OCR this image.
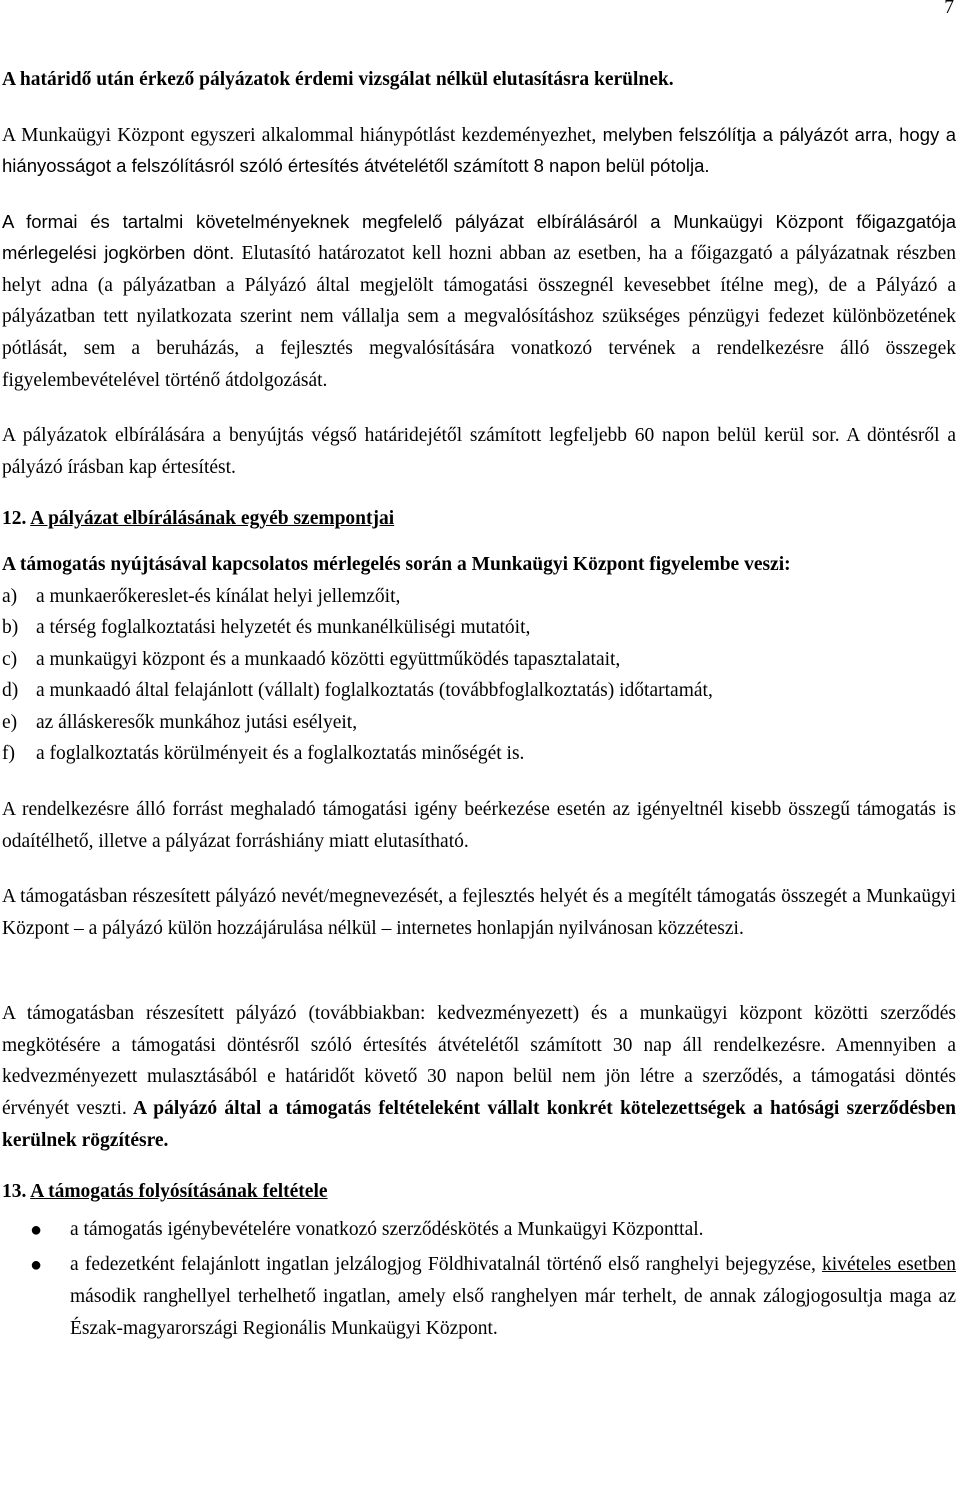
7

A határidő után érkező pályázatok érdemi vizsgálat nélkül elutasításra kerülnek.

A Munkaügyi Központ egyszeri alkalommal hiánypótlást kezdeményezhet, melyben felszólítja a pályázót arra, hogy a hiányosságot a felszólításról szóló értesítés átvételétől számított 8 napon belül pótolja.

A formai és tartalmi követelményeknek megfelelő pályázat elbírálásáról a Munkaügyi Központ főigazgatója mérlegelési jogkörben dönt. Elutasító határozatot kell hozni abban az esetben, ha a főigazgató a pályázatnak részben helyt adna (a pályázatban a Pályázó által megjelölt támogatási összegnél kevesebbet ítélne meg), de a Pályázó a pályázatban tett nyilatkozata szerint nem vállalja sem a megvalósításhoz szükséges pénzügyi fedezet különbözetének pótlását, sem a beruházás, a fejlesztés megvalósítására vonatkozó tervének a rendelkezésre álló összegek figyelembevételével történő átdolgozását.

A pályázatok elbírálására a benyújtás végső határidejétől számított legfeljebb 60 napon belül kerül sor. A döntésről a pályázó írásban kap értesítést.

12. A pályázat elbírálásának egyéb szempontjai

A támogatás nyújtásával kapcsolatos mérlegelés során a Munkaügyi Központ figyelembe veszi:

a) a munkaerőkereslet-és kínálat helyi jellemzőit,
b) a térség foglalkoztatási helyzetét és munkanélküliségi mutatóit,
c) a munkaügyi központ és a munkaadó közötti együttműködés tapasztalatait,
d) a munkaadó által felajánlott (vállalt) foglalkoztatás (továbbfoglalkoztatás) időtartamát,
e) az álláskeresők munkához jutási esélyeit,
f) a foglalkoztatás körülményeit és a foglalkoztatás minőségét is.

A rendelkezésre álló forrást meghaladó támogatási igény beérkezése esetén az igényeltnél kisebb összegű támogatás is odaítélhető, illetve a pályázat forráshiány miatt elutasítható.

A támogatásban részesített pályázó nevét/megnevezését, a fejlesztés helyét és a megítélt támogatás összegét a Munkaügyi Központ – a pályázó külön hozzájárulása nélkül – internetes honlapján nyilvánosan közzéteszi.

A támogatásban részesített pályázó (továbbiakban: kedvezményezett) és a munkaügyi központ közötti szerződés megkötésére a támogatási döntésről szóló értesítés átvételétől számított 30 nap áll rendelkezésre. Amennyiben a kedvezményezett mulasztásából e határidőt követő 30 napon belül nem jön létre a szerződés, a támogatási döntés érvényét veszti. A pályázó által a támogatás feltételeként vállalt konkrét kötelezettségek a hatósági szerződésben kerülnek rögzítésre.

13. A támogatás folyósításának feltétele
● a támogatás igénybevételére vonatkozó szerződéskötés a Munkaügyi Központtal.
● a fedezetként felajánlott ingatlan jelzálogjog Földhivatalnál történő első ranghelyi bejegyzése, kivételes esetben második ranghellyel terhelhető ingatlan, amely első ranghelyen már terhelt, de annak zálogjogosultja maga az Észak-magyarországi Regionális Munkaügyi Központ.
